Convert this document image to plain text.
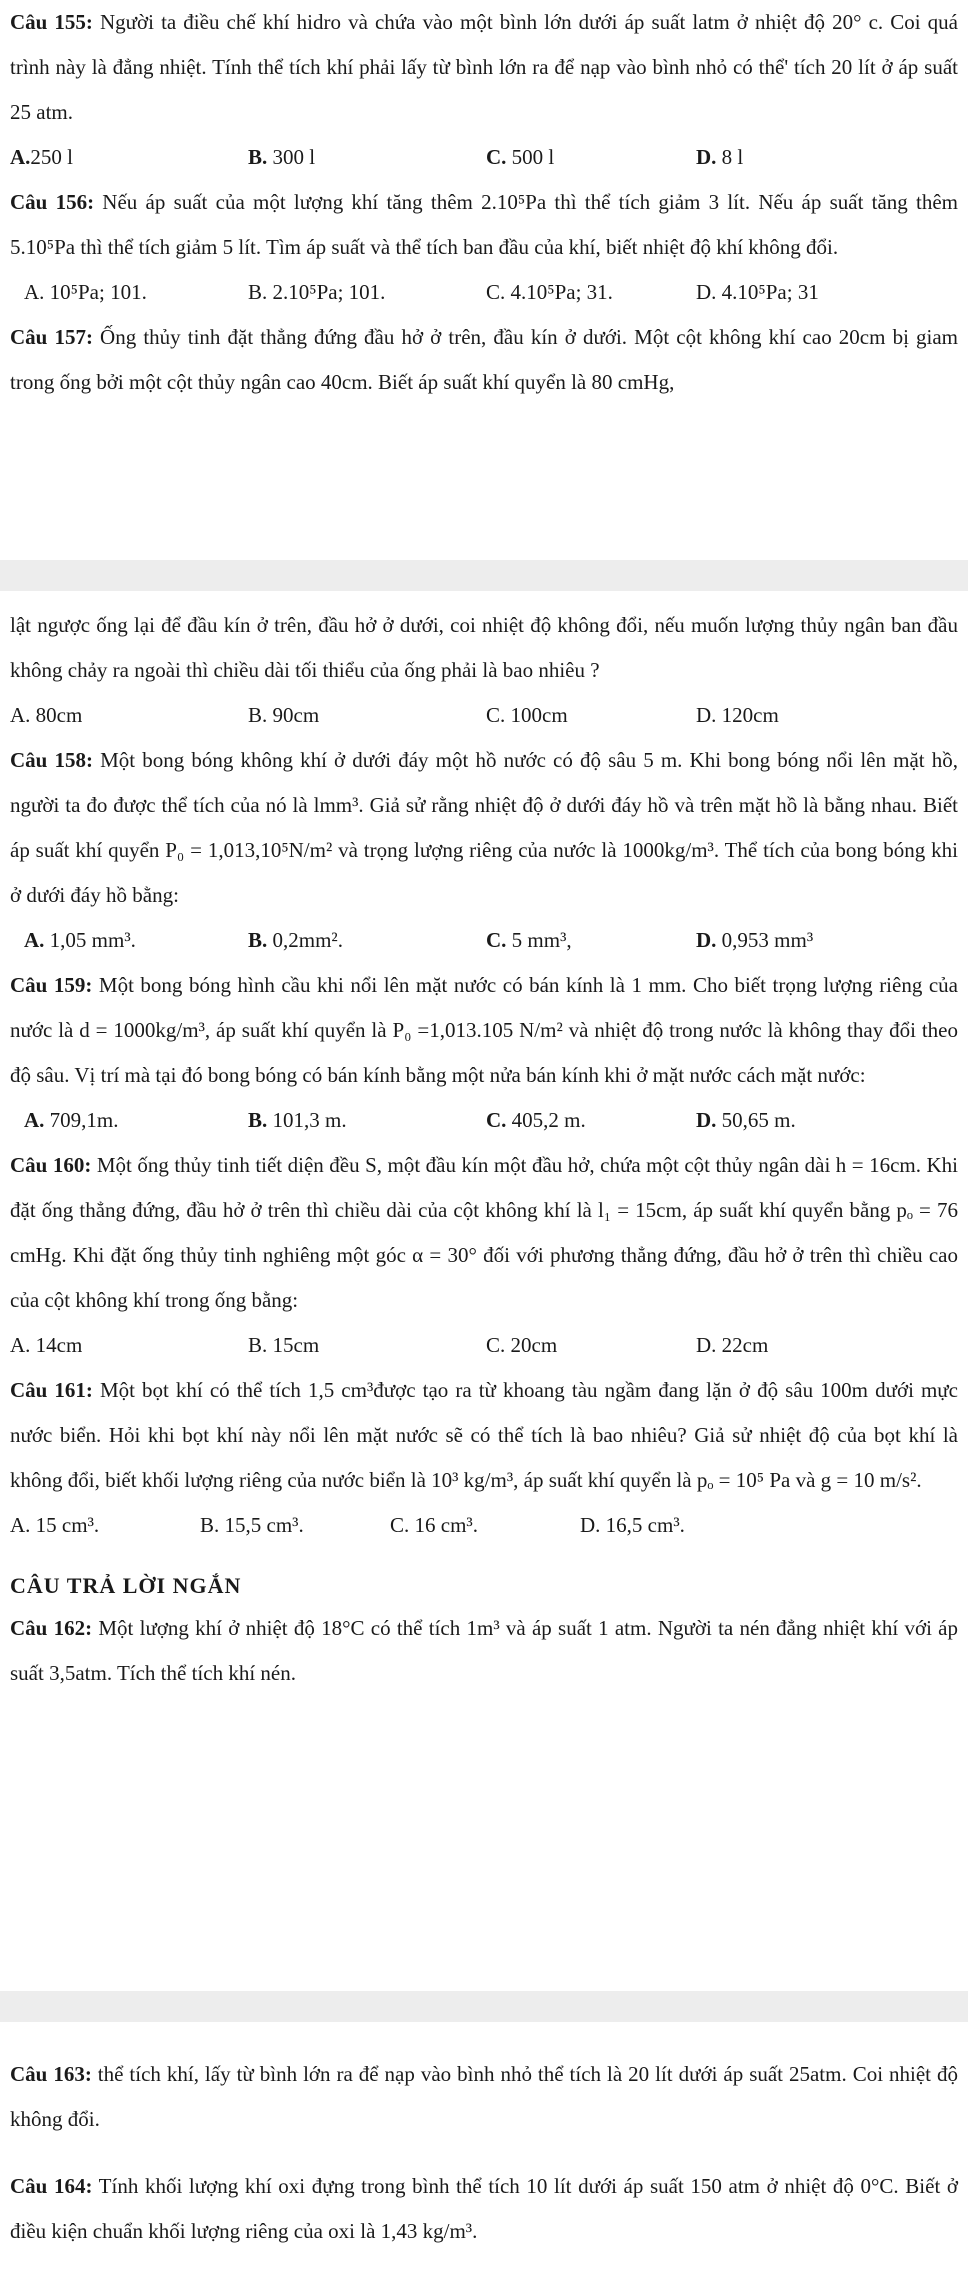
Câu 155: Người ta điều chế khí hidro và chứa vào một bình lớn dưới áp suất latm ở nhiệt độ 20° c. Coi quá trình này là đẳng nhiệt. Tính thể tích khí phải lấy từ bình lớn ra để nạp vào bình nhỏ có thể' tích 20 lít ở áp suất 25 atm.

A.250 l	B. 300 l	C. 500 l	D. 8 l

Câu 156: Nếu áp suất của một lượng khí tăng thêm 2.10⁵Pa thì thể tích giảm 3 lít. Nếu áp suất tăng thêm 5.10⁵Pa thì thể tích giảm 5 lít. Tìm áp suất và thể tích ban đầu của khí, biết nhiệt độ khí không đổi.

A. 10⁵Pa; 101.	B. 2.10⁵Pa; 101.	C. 4.10⁵Pa; 31.	D. 4.10⁵Pa; 31

Câu 157: Ống thủy tinh đặt thẳng đứng đầu hở ở trên, đầu kín ở dưới. Một cột không khí cao 20cm bị giam trong ống bởi một cột thủy ngân cao 40cm. Biết áp suất khí quyển là 80 cmHg,

lật ngược ống lại để đầu kín ở trên, đầu hở ở dưới, coi nhiệt độ không đổi, nếu muốn lượng thủy ngân ban đầu không chảy ra ngoài thì chiều dài tối thiểu của ống phải là bao nhiêu ?

A. 80cm	B. 90cm	C. 100cm	D. 120cm

Câu 158: Một bong bóng không khí ở dưới đáy một hồ nước có độ sâu 5 m. Khi bong bóng nổi lên mặt hồ, người ta đo được thể tích của nó là lmm³. Giả sử rằng nhiệt độ ở dưới đáy hồ và trên mặt hồ là bằng nhau. Biết áp suất khí quyển P₀ = 1,013,10⁵N/m² và trọng lượng riêng của nước là 1000kg/m³. Thể tích của bong bóng khi ở dưới đáy hồ bằng:

A. 1,05 mm³.	B. 0,2mm².	C. 5 mm³,	D. 0,953 mm³

Câu 159: Một bong bóng hình cầu khi nổi lên mặt nước có bán kính là 1 mm. Cho biết trọng lượng riêng của nước là d = 1000kg/m³, áp suất khí quyển là P₀ =1,013.105 N/m² và nhiệt độ trong nước là không thay đổi theo độ sâu. Vị trí mà tại đó bong bóng có bán kính bằng một nửa bán kính khi ở mặt nước cách mặt nước:

A. 709,1m.	B. 101,3 m.	C. 405,2 m.	D. 50,65 m.

Câu 160: Một ống thủy tinh tiết diện đều S, một đầu kín một đầu hở, chứa một cột thủy ngân dài h = 16cm. Khi đặt ống thẳng đứng, đầu hở ở trên thì chiều dài của cột không khí là l₁ = 15cm, áp suất khí quyển bằng pₒ = 76 cmHg. Khi đặt ống thủy tinh nghiêng một góc α = 30° đối với phương thẳng đứng, đầu hở ở trên thì chiều cao của cột không khí trong ống bằng:

A. 14cm	B. 15cm	C. 20cm	D. 22cm

Câu 161: Một bọt khí có thể tích 1,5 cm³được tạo ra từ khoang tàu ngầm đang lặn ở độ sâu 100m dưới mực nước biển. Hỏi khi bọt khí này nổi lên mặt nước sẽ có thể tích là bao nhiêu? Giả sử nhiệt độ của bọt khí là không đổi, biết khối lượng riêng của nước biển là 10³ kg/m³, áp suất khí quyển là pₒ = 10⁵ Pa và g = 10 m/s².

A. 15 cm³.	B. 15,5 cm³.	C. 16 cm³.	D. 16,5 cm³.
CÂU TRẢ LỜI NGẮN

Câu 162: Một lượng khí ở nhiệt độ 18°C có thể tích 1m³ và áp suất 1 atm. Người ta nén đẳng nhiệt khí với áp suất 3,5atm. Tích thể tích khí nén.

Câu 163: thể tích khí, lấy từ bình lớn ra để nạp vào bình nhỏ thể tích là 20 lít dưới áp suất 25atm. Coi nhiệt độ không đổi.

Câu 164: Tính khối lượng khí oxi đựng trong bình thể tích 10 lít dưới áp suất 150 atm ở nhiệt độ 0°C. Biết ở điều kiện chuẩn khối lượng riêng của oxi là 1,43 kg/m³.
